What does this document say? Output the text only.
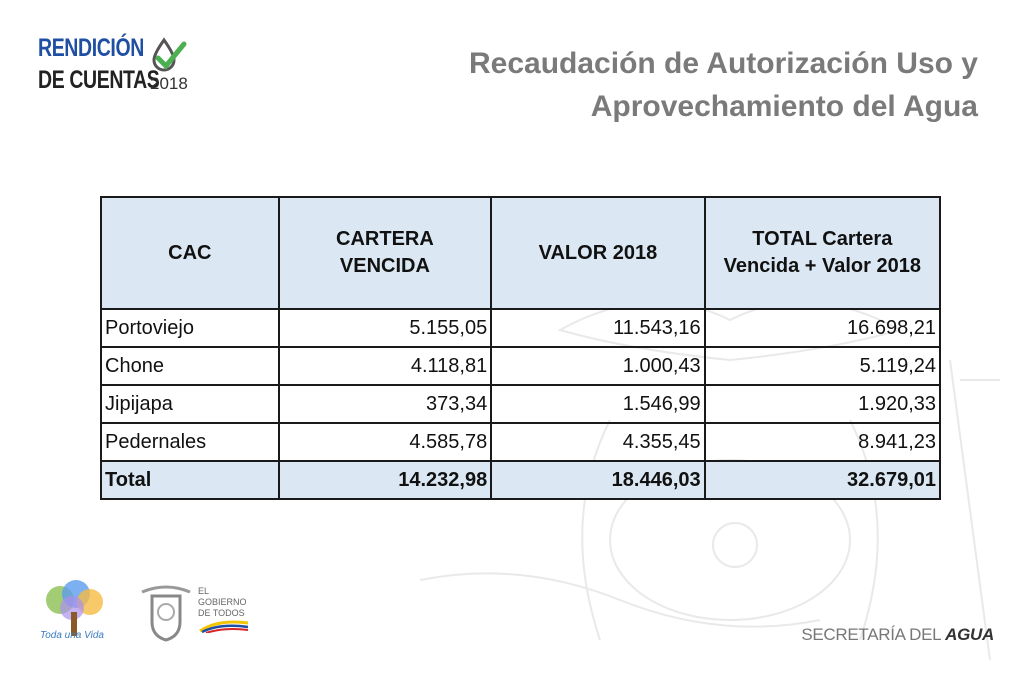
RENDICIÓN
DE CUENTAS
2018
Recaudación de Autorización Uso y
Aprovechamiento del Agua
CAC	CARTERA VENCIDA	VALOR 2018	TOTAL Cartera Vencida + Valor 2018
Portoviejo	5.155,05	11.543,16	16.698,21
Chone	4.118,81	1.000,43	5.119,24
Jipijapa	373,34	1.546,99	1.920,33
Pedernales	4.585,78	4.355,45	8.941,23
Total	14.232,98	18.446,03	32.679,01
Toda una Vida
EL
GOBIERNO
DE TODOS
SECRETARÍA DEL AGUA
